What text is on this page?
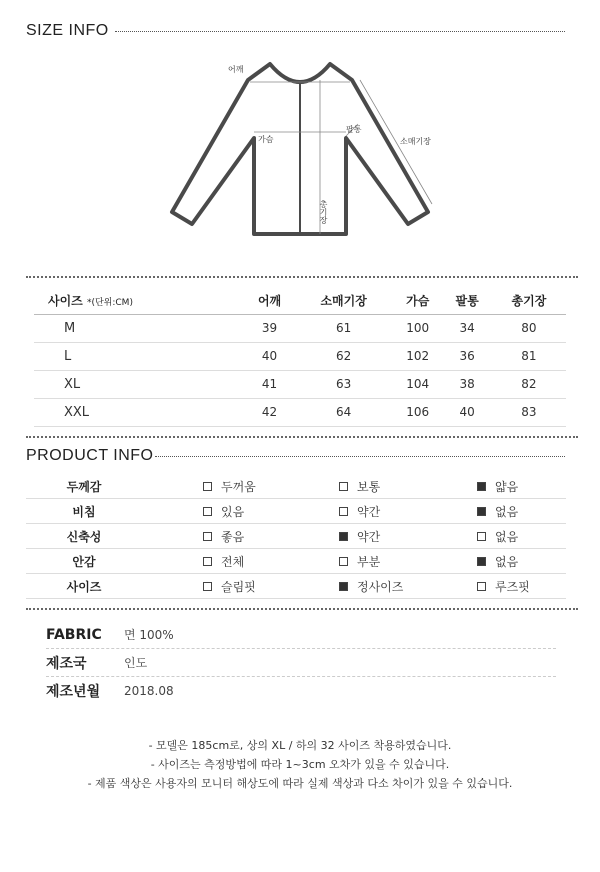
SIZE INFO
어깨
가슴
팔통
소매기장
총기장
사이즈 *(단위:CM)	어깨	소매기장	가슴	팔통	총기장
M	39	61	100	34	80
L	40	62	102	36	81
XL	41	63	104	38	82
XXL	42	64	106	40	83
PRODUCT INFO
두께감	두꺼움	보통	얇음
비침	있음	약간	없음
신축성	좋음	약간	없음
안감	전체	부분	없음
사이즈	슬림핏	정사이즈	루즈핏
FABRIC	면 100%
제조국	인도
제조년월	2018.08
- 모델은 185cm로, 상의 XL / 하의 32 사이즈 착용하였습니다.
- 사이즈는 측정방법에 따라 1~3cm 오차가 있을 수 있습니다.
- 제품 색상은 사용자의 모니터 해상도에 따라 실제 색상과 다소 차이가 있을 수 있습니다.
